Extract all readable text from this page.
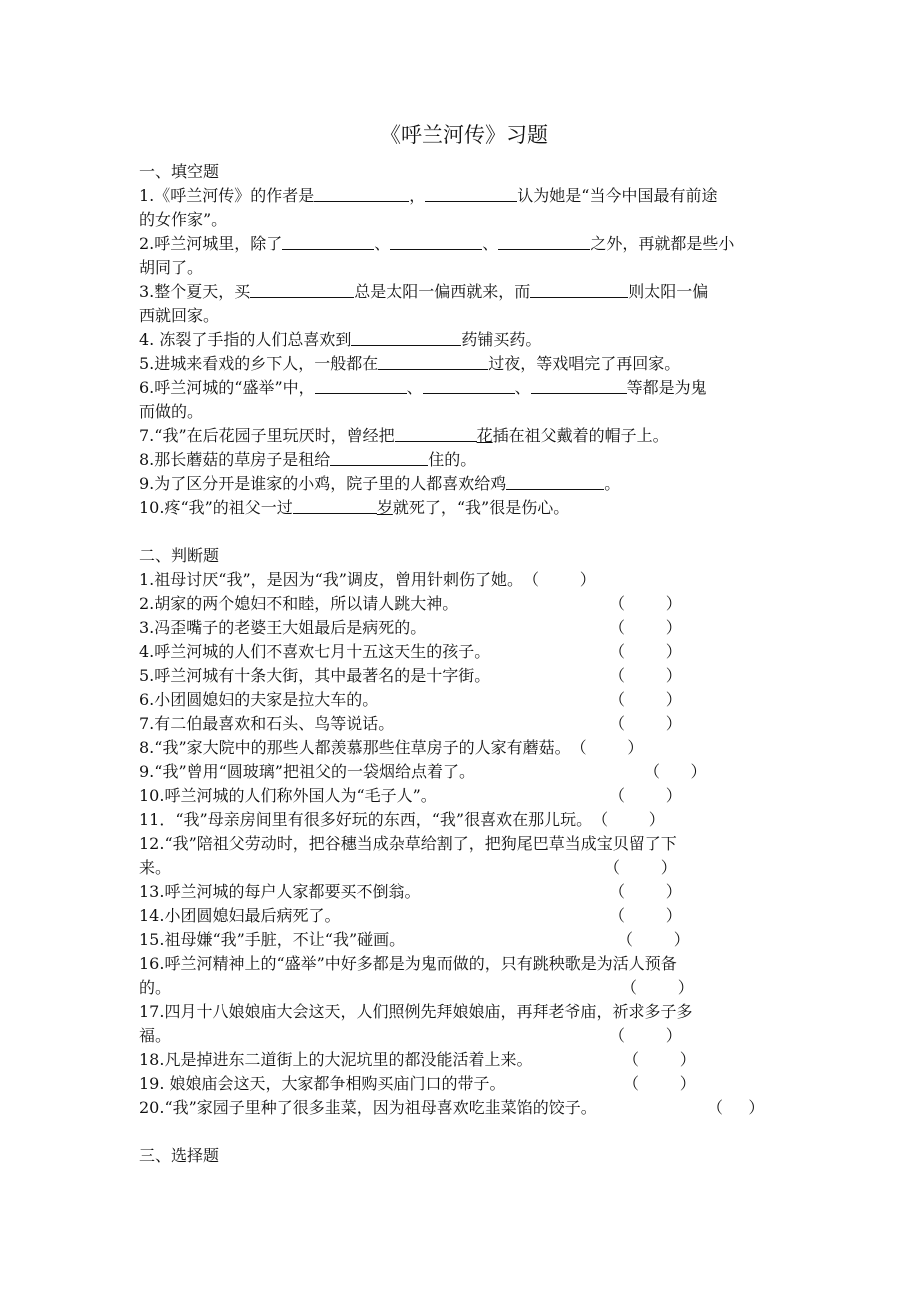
《呼兰河传》习题
一、填空题
1.《呼兰河传》的作者是	，	认为她是“当今中国最有前途
的女作家”。
2.呼兰河城里，除了	、	、	之外，再就都是些小
胡同了。
3.整个夏天，买	总是太阳一偏西就来，而	则太阳一偏
西就回家。
4. 冻裂了手指的人们总喜欢到	药铺买药。
5.进城来看戏的乡下人，一般都在	过夜，等戏唱完了再回家。
6.呼兰河城的“盛举”中，	、	、	等都是为鬼
而做的。
7.“我”在后花园子里玩厌时，曾经把	花插在祖父戴着的帽子上。
8.那长蘑菇的草房子是租给	住的。
9.为了区分开是谁家的小鸡，院子里的人都喜欢给鸡	。
10.疼“我”的祖父一过	岁就死了，“我”很是伤心。
二、判断题
1.祖母讨厌“我”，是因为“我”调皮，曾用针刺伤了她。 （        ）
2.胡家的两个媳妇不和睦，所以请人跳大神。	（        ）
3.冯歪嘴子的老婆王大姐最后是病死的。	（        ）
4.呼兰河城的人们不喜欢七月十五这天生的孩子。	（        ）
5.呼兰河城有十条大街，其中最著名的是十字街。	（        ）
6.小团圆媳妇的夫家是拉大车的。	（        ）
7.有二伯最喜欢和石头、鸟等说话。	（        ）
8.“我”家大院中的那些人都羡慕那些住草房子的人家有蘑菇。 （        ）
9.“我”曾用“圆玻璃”把祖父的一袋烟给点着了。	（      ）
10.呼兰河城的人们称外国人为“毛子人”。	（        ）
11．“我”母亲房间里有很多好玩的东西，“我”很喜欢在那儿玩。 （        ）
12.“我”陪祖父劳动时，把谷穗当成杂草给割了，把狗尾巴草当成宝贝留了下
来。	（        ）
13.呼兰河城的每户人家都要买不倒翁。	（        ）
14.小团圆媳妇最后病死了。	（        ）
15.祖母嫌“我”手脏，不让“我”碰画。	（        ）
16.呼兰河精神上的“盛举”中好多都是为鬼而做的，只有跳秧歌是为活人预备
的。	（        ）
17.四月十八娘娘庙大会这天，人们照例先拜娘娘庙，再拜老爷庙，祈求多子多
福。	（        ）
18.凡是掉进东二道街上的大泥坑里的都没能活着上来。	（        ）
19. 娘娘庙会这天，大家都争相购买庙门口的带子。	（        ）
20.“我”家园子里种了很多韭菜，因为祖母喜欢吃韭菜馅的饺子。	（     ）
三、选择题
